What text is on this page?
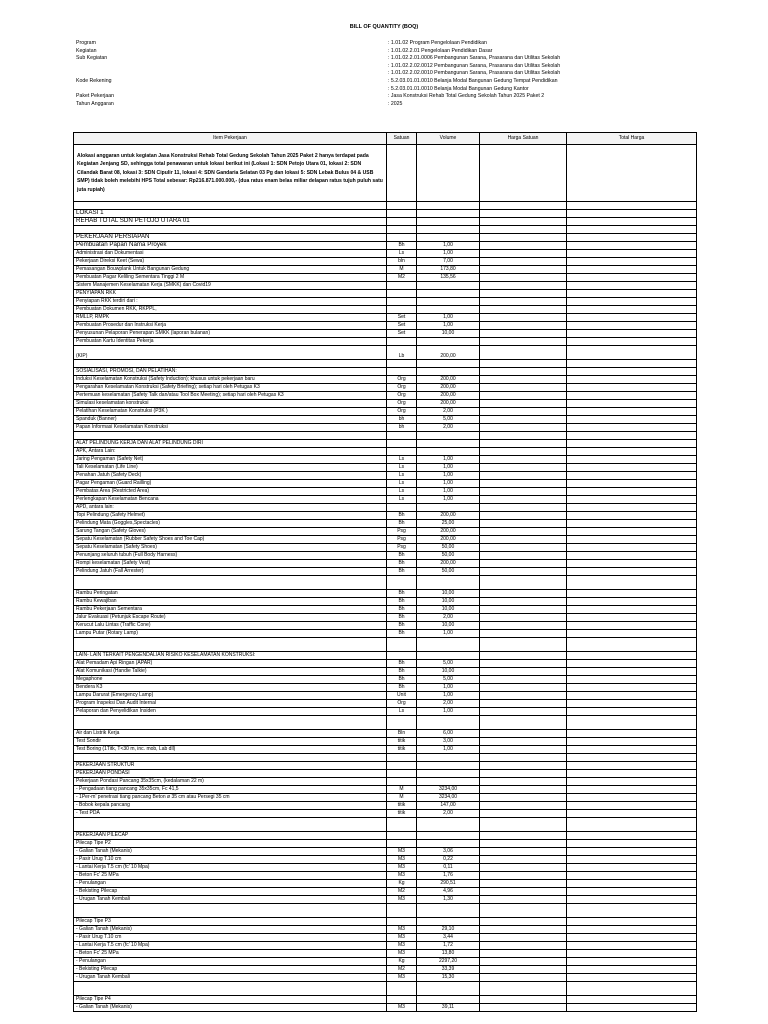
BILL OF QUANTITY (BOQ)
Program	: 1.01.02 Program Pengelolaan Pendidikan
Kegiatan	: 1.01.02.2.01 Pengelolaan Pendidikan Dasar
Sub Kegiatan	: 1.01.02.2.01.0006 Pembangunan Sarana, Prasarana dan Utilitas Sekolah
: 1.01.02.2.02.0012 Pembangunan Sarana, Prasarana dan Utilitas Sekolah
: 1.01.02.2.02.0010 Pembangunan Sarana, Prasarana dan Utilitas Sekolah
Kode Rekening	: 5.2.03.01.01.0010 Belanja Modal Bangunan Gedung Tempat Pendidikan
: 5.2.03.01.01.0010 Belanja Modal Bangunan Gedung Kantor
Paket Pekerjaan	: Jasa Konstruksi Rehab Total Gedung Sekolah Tahun 2025 Paket 2
Tahun Anggaran	: 2025
Item Pekerjaan	Satuan	Volume	Harga Satuan	Total Harga
Alokasi anggaran untuk kegiatan Jasa Konstruksi Rehab Total Gedung Sekolah Tahun 2025 Paket 2 hanya terdapat pada Kegiatan Jenjang SD, sehingga total penawaran untuk lokasi berikut ini (Lokasi 1: SDN Petojo Utara 01, lokasi 2: SDN Cilandak Barat 08, lokasi 3: SDN Cipulir 11, lokasi 4: SDN Gandaria Selatan 03 Pg dan lokasi 5: SDN Lebak Bulus 04 & USB SMP) tidak boleh melebihi HPS Total sebesar: Rp216.871.000.000,- (dua ratus enam belas miliar delapan ratus tujuh puluh satu juta rupiah)				

LOKASI 1				
REHAB TOTAL SDN PETOJO UTARA 01				

PEKERJAAN PERSIAPAN				
Pembuatan Papan Nama Proyek	Bh	1,00		
Administrasi dan Dokumentasi	Ls	1,00		
Pekerjaan Direksi Keet (Sewa)	bln	7,00		
Pemasangan Bouwplank Untuk Bangunan Gedung	M	173,80		
Pembuatan Pagar Keliling Sementara Tinggi 2 M	M2	135,56		
Sistem Manajemen Keselamatan Kerja (SMKK) dan Covid19				
PENYIAPAN RKK				
Penyiapan RKK terdiri dari :				
Pembuatan Dokumen RKK, RKPPL,				
RMLLP, RMPK	Set	1,00		
Pembuatan Prosedur dan Instruksi Kerja	Set	1,00		
Penyusunan Pelaporan Penerapan SMKK (laporan bulanan)	Set	10,00		
Pembuatan Kartu Identitas Pekerja				
(KIP)	Lb	200,00		

SOSIALISASI, PROMOSI, DAN PELATIHAN:				
Induksi Keselamatan Konstruksi (Safety Induction); khusus untuk pekerjaan baru	Org	200,00		
Pengarahan Keselamatan Konstruksi (Safety Briefing); setiap hari oleh Petugas K3	Org	200,00		
Pertemuan keselamatan (Safety Talk dan/atau Tool Box Meeting); setiap hari oleh Petugas K3	Org	200,00		
Simulasi keselamatan konstruksi	Org	200,00		
Pelatihan Keselamatan Konstruksi (P3K )	Org	2,00		
Spanduk (Banner)	bh	5,00		
Papan Informasi Keselamatan Konstruksi	bh	2,00		

ALAT PELINDUNG KERJA DAN ALAT PELINDUNG DIRI				
APK, Antara Lain:				
Jaring Pengaman (Safety Net)	Ls	1,00		
Tali Keselamatan (Life Line)	Ls	1,00		
Penahan Jatuh (Safety Deck)	Ls	1,00		
Pagar Pengaman (Guard Railling)	Ls	1,00		
Pembatas Area (Restricted Area)	Ls	1,00		
Perlengkapan Keselamatan Bencana	Ls	1,00		
APD, antara lain:				
Topi Pelindung (Safety Helmet)	Bh	200,00		
Pelindung Mata (Goggles,Spectacles)	Bh	25,00		
Sarung Tangan (Safety Gloves)	Psg	200,00		
Sepatu Keselamatan (Rubber Safety Shoes and Toe Cap)	Psg	200,00		
Sepatu Keselamatan (Safety Shoes)	Psg	50,00		
Penunjang seluruh tubuh (Full Body Harness)	Bh	50,00		
Rompi keselamatan (Safety Vest)	Bh	200,00		
Pelindung Jatuh (Fall Arrester)	Bh	50,00		

Rambu Peringatan	Bh	10,00		
Rambu Kewajiban	Bh	10,00		
Rambu Pekerjaan Sementara	Bh	10,00		
Jalur Evakuasi (Petunjuk Escape Route)	Bh	2,00		
Kerucut Lalu Lintas (Traffic Cone)	Bh	10,00		
Lampu Putar (Rotary Lamp)	Bh	1,00		

LAIN- LAIN TERKAIT PENGENDALIAN RISIKO KESELAMATAN KONSTRUKSI:				
Alat Pemadam Api Ringan (APAR)	Bh	5,00		
Alat Komunikasi (Handie Talkie)	Bh	10,00		
Megaphone	Bh	5,00		
Bendera K3	Bh	1,00		
Lampu Darurat (Emergency Lamp)	Unit	1,00		
Program Inspeksi Dan Audit Internal	Org	2,00		
Pelaporan dan Penyelidikan Insiden	Ls	1,00		

Air dan Listrik Kerja	Bln	6,00		
Test Sondir	titik	3,00		
Test Boring (1Titk, T<30 m, inc. mob, Lab dll)	titik	1,00		

PEKERJAAN STRUKTUR				
PEKERJAAN PONDASI				
Pekerjaan Pondasi Pancang 35x35cm, (kedalaman 22 m)				
- Pengadaan tiang pancang 35x35cm, Fc 41,5	M	3234,00		
- 1Per-m' penetrasi tiang pancang Beton ø 35 cm atau Persegi 35 cm	M	3234,00		
- Bobok kepala pancang	titik	147,00		
- Test PDA	titik	2,00		

PEKERJAAN PILECAP				
Pilecap Tipe P2				
- Galian Tanah (Mekanis)	M3	3,06		
- Pasir Urug T.10 cm	M3	0,22		
- Lantai Kerja T.5 cm (fc' 10 Mpa)	M3	0,11		
- Beton Fc' 25 MPa	M3	1,76		
- Penulangan	Kg	290,51		
- Bekisting Pilecap	M2	4,96		
- Urugan Tanah Kembali	M3	1,30		

Pilecap Tipe P3				
- Galian Tanah (Mekanis)	M3	29,10		
- Pasir Urug T.10 cm	M3	3,44		
- Lantai Kerja T.5 cm (fc' 10 Mpa)	M3	1,72		
- Beton Fc' 25 MPa	M3	13,80		
- Penulangan	Kg	2297,20		
- Bekisting Pilecap	M2	33,39		
- Urugan Tanah Kembali	M3	15,30		

Pilecap Tipe P4				
- Galian Tanah (Mekanis)	M3	39,11		
